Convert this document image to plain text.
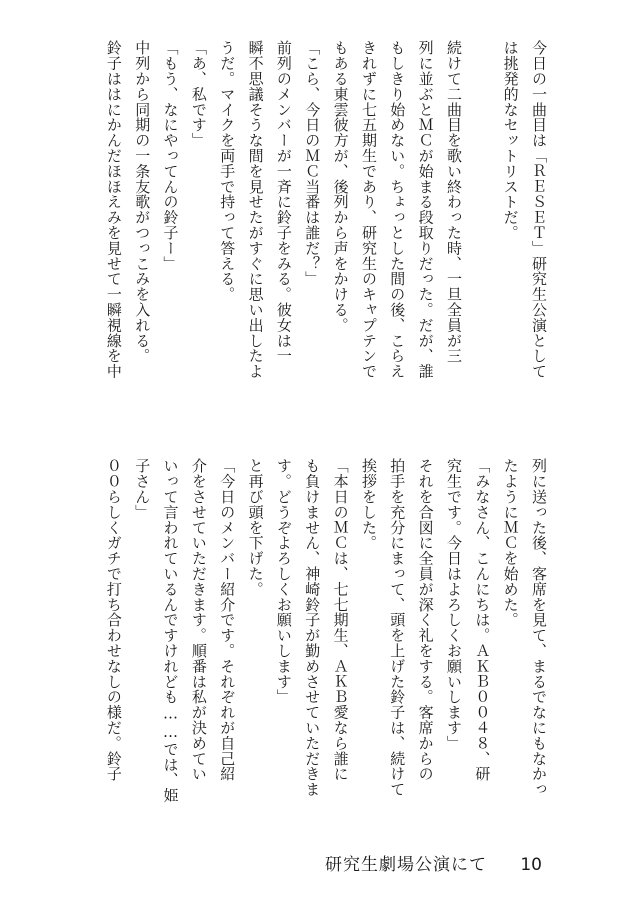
今日の一曲目は「ＲＥＳＥＴ」研究生公演として
は挑発的なセットリストだ。
続けて二曲目を歌い終わった時、一旦全員が三
列に並ぶとＭＣが始まる段取りだった。だが、誰
もしきり始めない。ちょっとした間の後、こらえ
きれずに七五期生であり、研究生のキャプテンで
もある東雲彼方が、後列から声をかける。
「こら、今日のＭＣ当番は誰だ？」
前列のメンバーが一斉に鈴子をみる。彼女は一
瞬不思議そうな間を見せたがすぐに思い出したよ
うだ。マイクを両手で持って答える。
「あ、私です」
「もう、なにやってんの鈴子ー」
中列から同期の一条友歌がつっこみを入れる。
鈴子ははにかんだほほえみを見せて一瞬視線を中
列に送った後、客席を見て、まるでなにもなかっ
たようにＭＣを始めた。
「みなさん、こんにちは。ＡＫＢ００４８、研
究生です。今日はよろしくお願いします」
それを合図に全員が深く礼をする。客席からの
拍手を充分にまって、頭を上げた鈴子は、続けて
挨拶をした。
「本日のＭＣは、七七期生、ＡＫＢ愛なら誰に
も負けません、神崎鈴子が勤めさせていただきま
す。どうぞよろしくお願いします」
と再び頭を下げた。
「今日のメンバー紹介です。それぞれが自己紹
介をさせていただきます。順番は私が決めてい
いって言われているんですけれども……では、姫
子さん」
００らしくガチで打ち合わせなしの様だ。鈴子
研究生劇場公演にて 10
